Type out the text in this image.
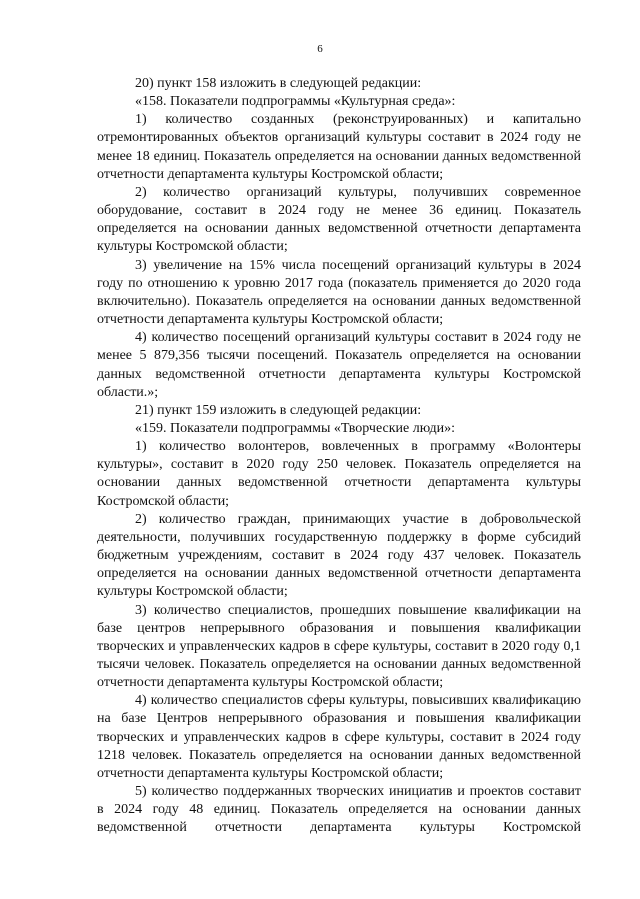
6

20) пункт 158 изложить в следующей редакции:

«158. Показатели подпрограммы «Культурная среда»:

1) количество созданных (реконструированных) и капитально отремонтированных объектов организаций культуры составит в 2024 году не менее 18 единиц. Показатель определяется на основании данных ведомственной отчетности департамента культуры Костромской области;

2) количество организаций культуры, получивших современное оборудование, составит в 2024 году не менее 36 единиц. Показатель определяется на основании данных ведомственной отчетности департамента культуры Костромской области;

3) увеличение на 15% числа посещений организаций культуры в 2024 году по отношению к уровню 2017 года (показатель применяется до 2020 года включительно). Показатель определяется на основании данных ведомственной отчетности департамента культуры Костромской области;

4) количество посещений организаций культуры составит в 2024 году не менее 5 879,356 тысячи посещений. Показатель определяется на основании данных ведомственной отчетности департамента культуры Костромской области.»;

21) пункт 159 изложить в следующей редакции:

«159. Показатели подпрограммы «Творческие люди»:

1) количество волонтеров, вовлеченных в программу «Волонтеры культуры», составит в 2020 году 250 человек. Показатель определяется на основании данных ведомственной отчетности департамента культуры Костромской области;

2) количество граждан, принимающих участие в добровольческой деятельности, получивших государственную поддержку в форме субсидий бюджетным учреждениям, составит в 2024 году 437 человек. Показатель определяется на основании данных ведомственной отчетности департамента культуры Костромской области;

3) количество специалистов, прошедших повышение квалификации на базе центров непрерывного образования и повышения квалификации творческих и управленческих кадров в сфере культуры, составит в 2020 году 0,1 тысячи человек. Показатель определяется на основании данных ведомственной отчетности департамента культуры Костромской области;

4) количество специалистов сферы культуры, повысивших квалификацию на базе Центров непрерывного образования и повышения квалификации творческих и управленческих кадров в сфере культуры, составит в 2024 году 1218 человек. Показатель определяется на основании данных ведомственной отчетности департамента культуры Костромской области;

5) количество поддержанных творческих инициатив и проектов составит в 2024 году 48 единиц. Показатель определяется на основании данных ведомственной отчетности департамента культуры Костромской
